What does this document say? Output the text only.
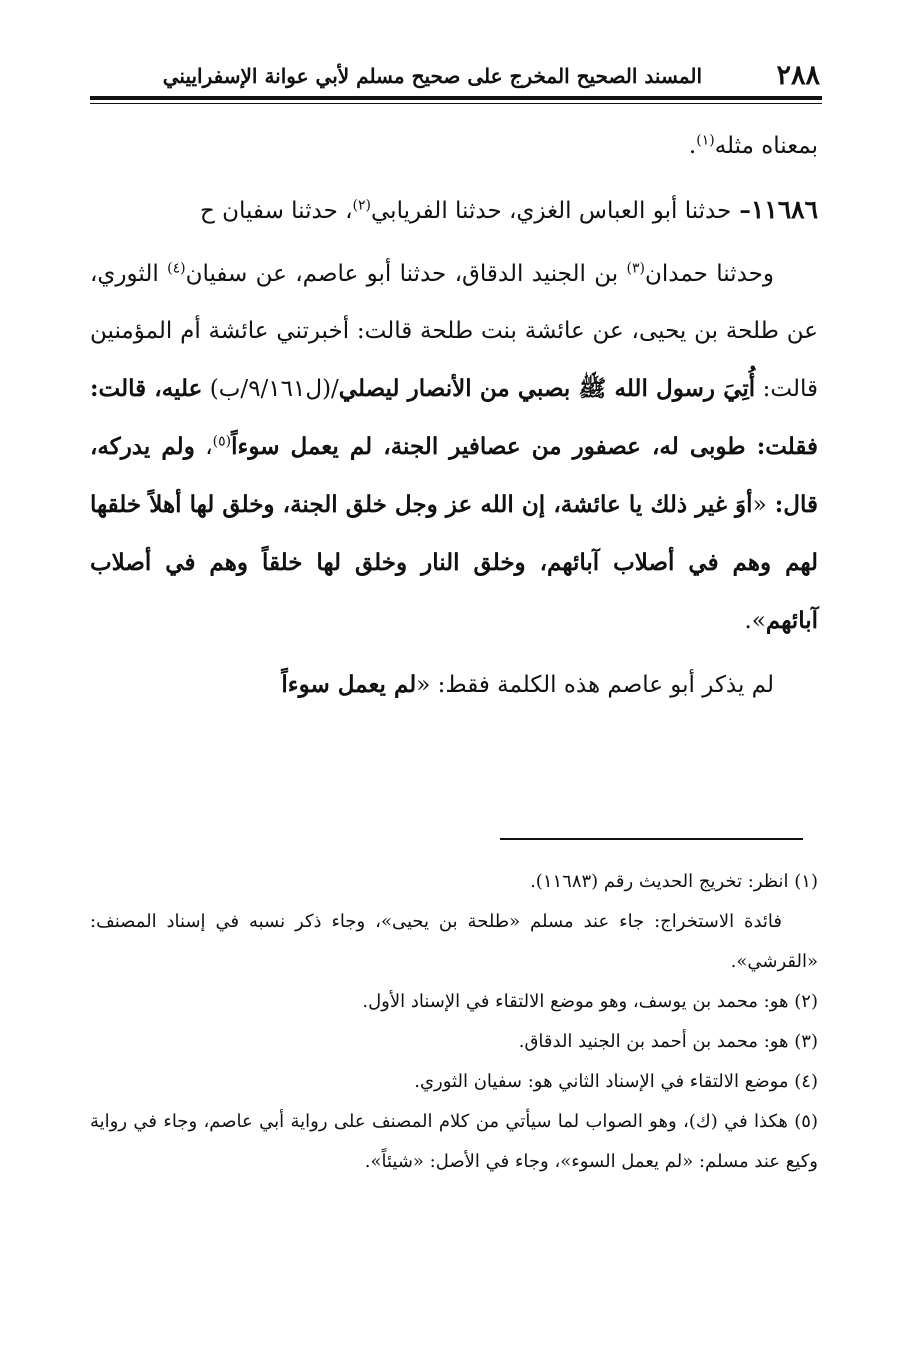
٢٨٨
المسند الصحيح المخرج على صحيح مسلم لأبي عوانة الإسفراييني

بمعناه مثله$^{(١)}$.

١١٦٨٦– حدثنا أبو العباس الغزي، حدثنا الفريابي$^{(٢)}$، حدثنا سفيان ح

وحدثنا حمدان$^{(٣)}$ بن الجنيد الدقاق، حدثنا أبو عاصم، عن سفيان$^{(٤)}$ الثوري، عن طلحة بن يحيى، عن عائشة بنت طلحة قالت: أخبرتني عائشة أم المؤمنين قالت: أُتِيَ رسول الله ﷺ بصبي من الأنصار ليصلي/(ل٩/١٦١/ب) عليه، قالت: فقلت: طوبى له، عصفور من عصافير الجنة، لم يعمل سوءاً$^{(٥)}$، ولم يدركه، قال: «أوَ غير ذلك يا عائشة، إن الله عز وجل خلق الجنة، وخلق لها أهلاً خلقها لهم وهم في أصلاب آبائهم، وخلق النار وخلق لها خلقاً وهم في أصلاب آبائهم».

لم يذكر أبو عاصم هذه الكلمة فقط: «لم يعمل سوءاً

(١) انظر: تخريج الحديث رقم (١١٦٨٣).

فائدة الاستخراج: جاء عند مسلم «طلحة بن يحيى»، وجاء ذكر نسبه في إسناد المصنف: «القرشي».

(٢) هو: محمد بن يوسف، وهو موضع الالتقاء في الإسناد الأول.

(٣) هو: محمد بن أحمد بن الجنيد الدقاق.

(٤) موضع الالتقاء في الإسناد الثاني هو: سفيان الثوري.

(٥) هكذا في (ك)، وهو الصواب لما سيأتي من كلام المصنف على رواية أبي عاصم، وجاء في رواية وكيع عند مسلم: «لم يعمل السوء»، وجاء في الأصل: «شيئاً».
